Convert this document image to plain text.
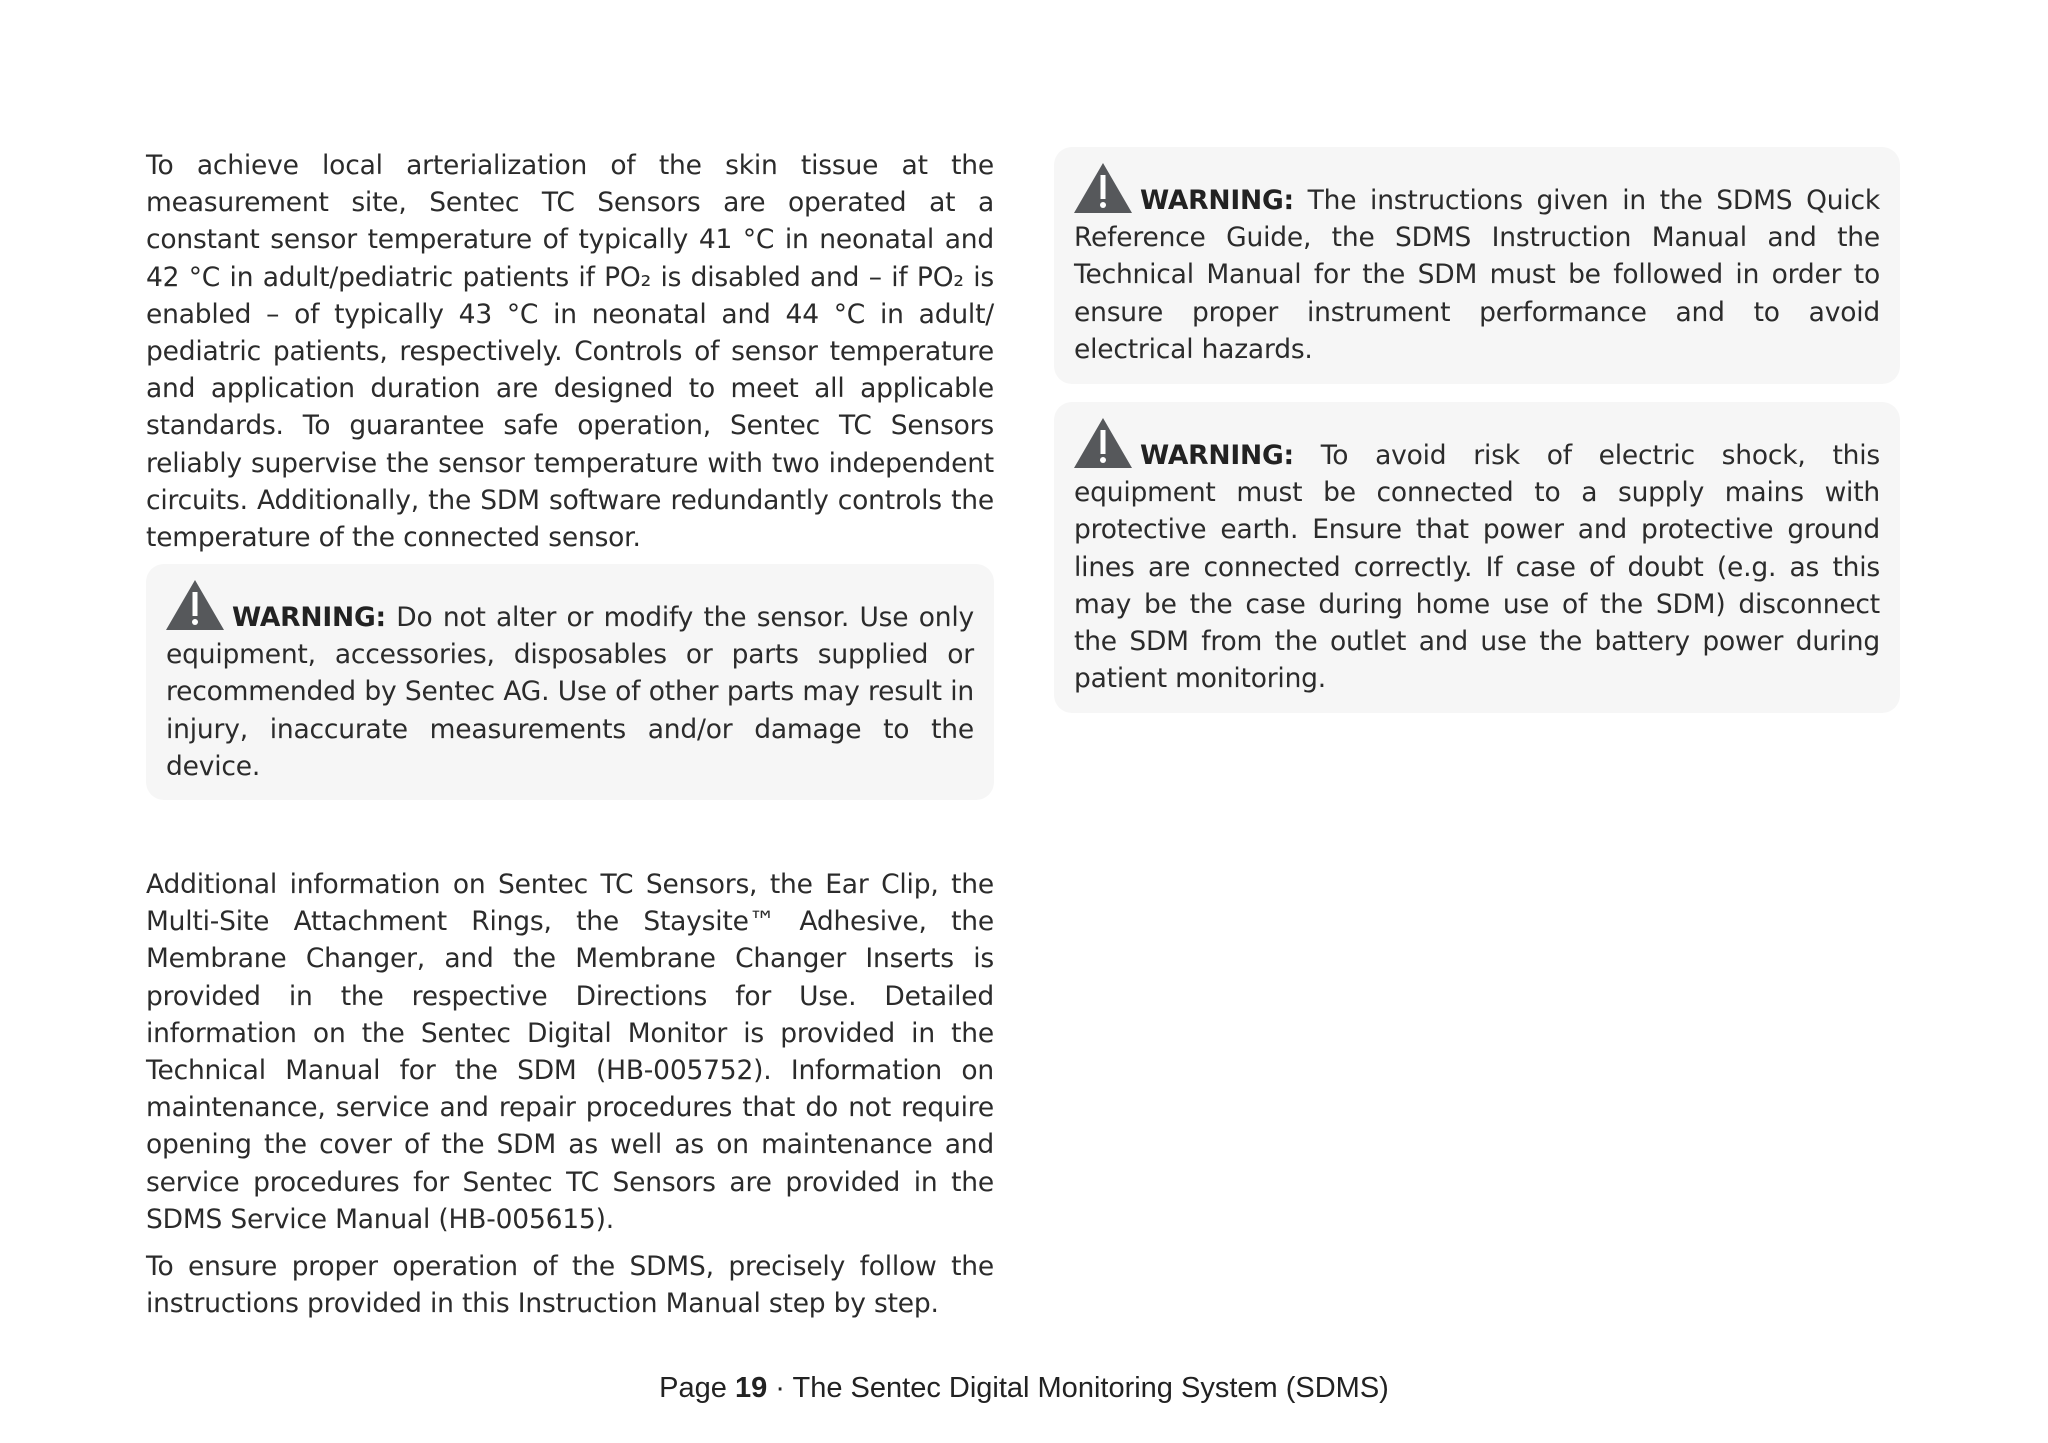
To achieve local arterialization of the skin tissue at the measurement site, Sentec TC Sensors are operated at a constant sensor temperature of typically 41 °C in neonatal and 42 °C in adult/pediatric patients if PO₂ is disabled and – if PO₂ is enabled – of typically 43 °C in neonatal and 44 °C in adult/ pediatric patients, respectively. Controls of sensor temperature and application duration are designed to meet all applicable standards. To guarantee safe operation, Sentec TC Sensors reliably supervise the sensor temperature with two independent circuits. Additionally, the SDM software redundantly controls the temperature of the connected sensor.

WARNING: Do not alter or modify the sensor. Use only equipment, accessories, disposables or parts supplied or recommended by Sentec AG. Use of other parts may result in injury, inaccurate measurements and/or damage to the device.

Additional information on Sentec TC Sensors, the Ear Clip, the Multi-Site Attachment Rings, the Staysite™ Adhesive, the Membrane Changer, and the Membrane Changer Inserts is provided in the respective Directions for Use. Detailed information on the Sentec Digital Monitor is provided in the Technical Manual for the SDM (HB-005752). Information on maintenance, service and repair procedures that do not require opening the cover of the SDM as well as on maintenance and service procedures for Sentec TC Sensors are provided in the SDMS Service Manual (HB-005615).

To ensure proper operation of the SDMS, precisely follow the instructions provided in this Instruction Manual step by step.

WARNING: The instructions given in the SDMS Quick Reference Guide, the SDMS Instruction Manual and the Technical Manual for the SDM must be followed in order to ensure proper instrument performance and to avoid electrical hazards.

WARNING: To avoid risk of electric shock, this equipment must be connected to a supply mains with protective earth. Ensure that power and protective ground lines are connected correctly. If case of doubt (e.g. as this may be the case during home use of the SDM) disconnect the SDM from the outlet and use the battery power during patient monitoring.

Page 19 · The Sentec Digital Monitoring System (SDMS)
